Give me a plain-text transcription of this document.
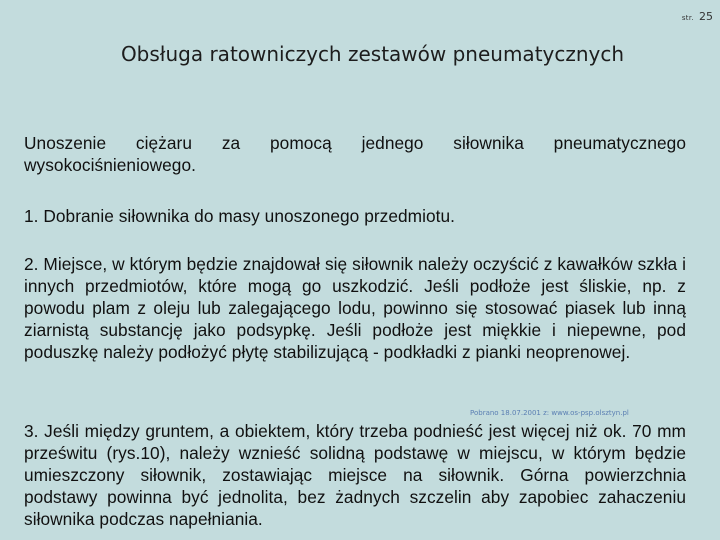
str. 25
Obsługa ratowniczych zestawów pneumatycznych

Unoszenie ciężaru za pomocą jednego siłownika pneumatycznego wysokociśnieniowego.

1. Dobranie siłownika do masy unoszonego przedmiotu.

2. Miejsce, w którym będzie znajdował się siłownik należy oczyścić z kawałków szkła i innych przedmiotów, które mogą go uszkodzić. Jeśli podłoże jest śliskie, np. z powodu plam z oleju lub zalegającego lodu, powinno się stosować piasek lub inną ziarnistą substancję jako podsypkę. Jeśli podłoże jest miękkie i niepewne, pod poduszkę należy podłożyć płytę stabilizującą - podkładki z pianki neoprenowej.

Pobrano 18.07.2001 z: www.os-psp.olsztyn.pl

3. Jeśli między gruntem, a obiektem, który trzeba podnieść jest więcej niż ok. 70 mm prześwitu (rys.10), należy wznieść solidną podstawę w miejscu, w którym będzie umieszczony siłownik, zostawiając miejsce na siłownik. Górna powierzchnia podstawy powinna być jednolita, bez żadnych szczelin aby zapobiec zahaczeniu siłownika podczas napełniania.
